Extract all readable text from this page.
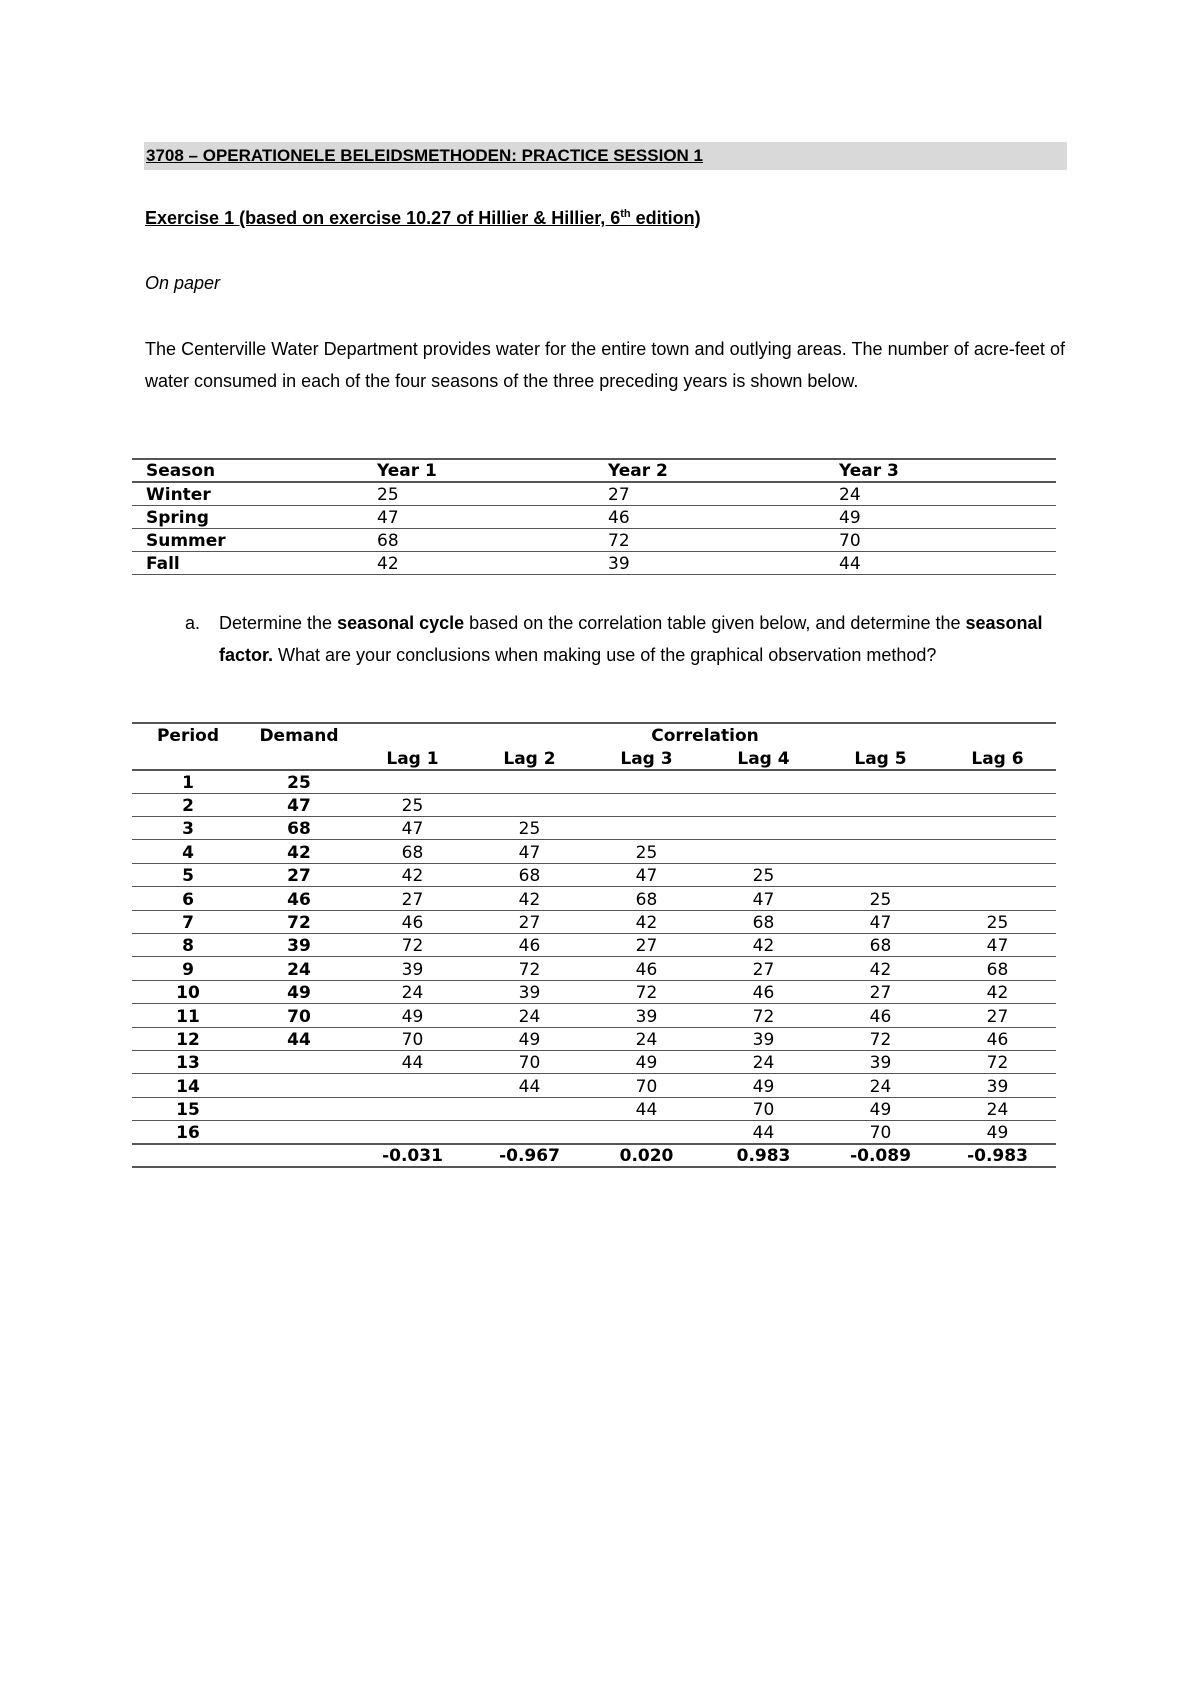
3708 – OPERATIONELE BELEIDSMETHODEN: PRACTICE SESSION 1
Exercise 1 (based on exercise 10.27 of Hillier & Hillier, 6th edition)
On paper

The Centerville Water Department provides water for the entire town and outlying areas. The number of acre-feet of water consumed in each of the four seasons of the three preceding years is shown below.

Season	Year 1	Year 2	Year 3
Winter	25	27	24
Spring	47	46	49
Summer	68	72	70
Fall	42	39	44
a. Determine the seasonal cycle based on the correlation table given below, and determine the seasonal factor. What are your conclusions when making use of the graphical observation method?
Period	Demand	Correlation					
		Lag 1	Lag 2	Lag 3	Lag 4	Lag 5	Lag 6
1	25						
2	47	25					
3	68	47	25				
4	42	68	47	25			
5	27	42	68	47	25		
6	46	27	42	68	47	25	
7	72	46	27	42	68	47	25
8	39	72	46	27	42	68	47
9	24	39	72	46	27	42	68
10	49	24	39	72	46	27	42
11	70	49	24	39	72	46	27
12	44	70	49	24	39	72	46
13		44	70	49	24	39	72
14			44	70	49	24	39
15				44	70	49	24
16					44	70	49
		-0.031	-0.967	0.020	0.983	-0.089	-0.983
